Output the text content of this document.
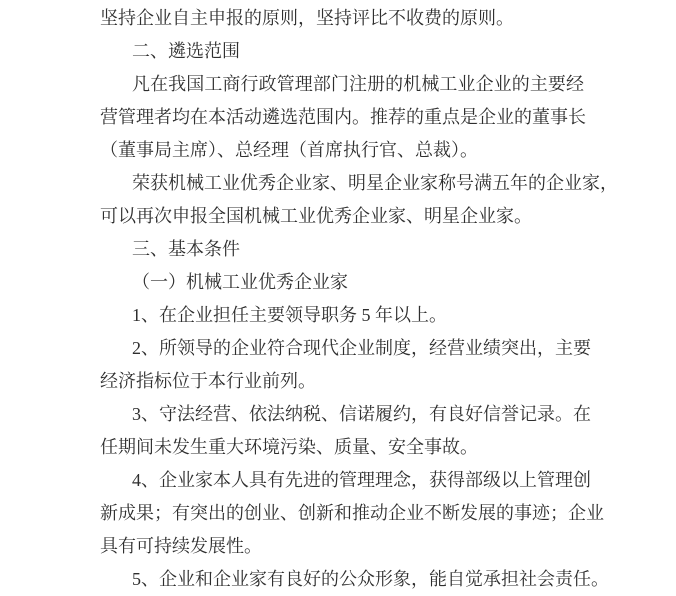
坚持企业自主申报的原则，坚持评比不收费的原则。
二、遴选范围
凡在我国工商行政管理部门注册的机械工业企业的主要经
营管理者均在本活动遴选范围内。推荐的重点是企业的董事长
（董事局主席）、总经理（首席执行官、总裁）。
荣获机械工业优秀企业家、明星企业家称号满五年的企业家，
可以再次申报全国机械工业优秀企业家、明星企业家。
三、基本条件
（一）机械工业优秀企业家
1、在企业担任主要领导职务 5 年以上。
2、所领导的企业符合现代企业制度，经营业绩突出，主要
经济指标位于本行业前列。
3、守法经营、依法纳税、信诺履约，有良好信誉记录。在
任期间未发生重大环境污染、质量、安全事故。
4、企业家本人具有先进的管理理念，获得部级以上管理创
新成果；有突出的创业、创新和推动企业不断发展的事迹；企业
具有可持续发展性。
5、企业和企业家有良好的公众形象，能自觉承担社会责任。
